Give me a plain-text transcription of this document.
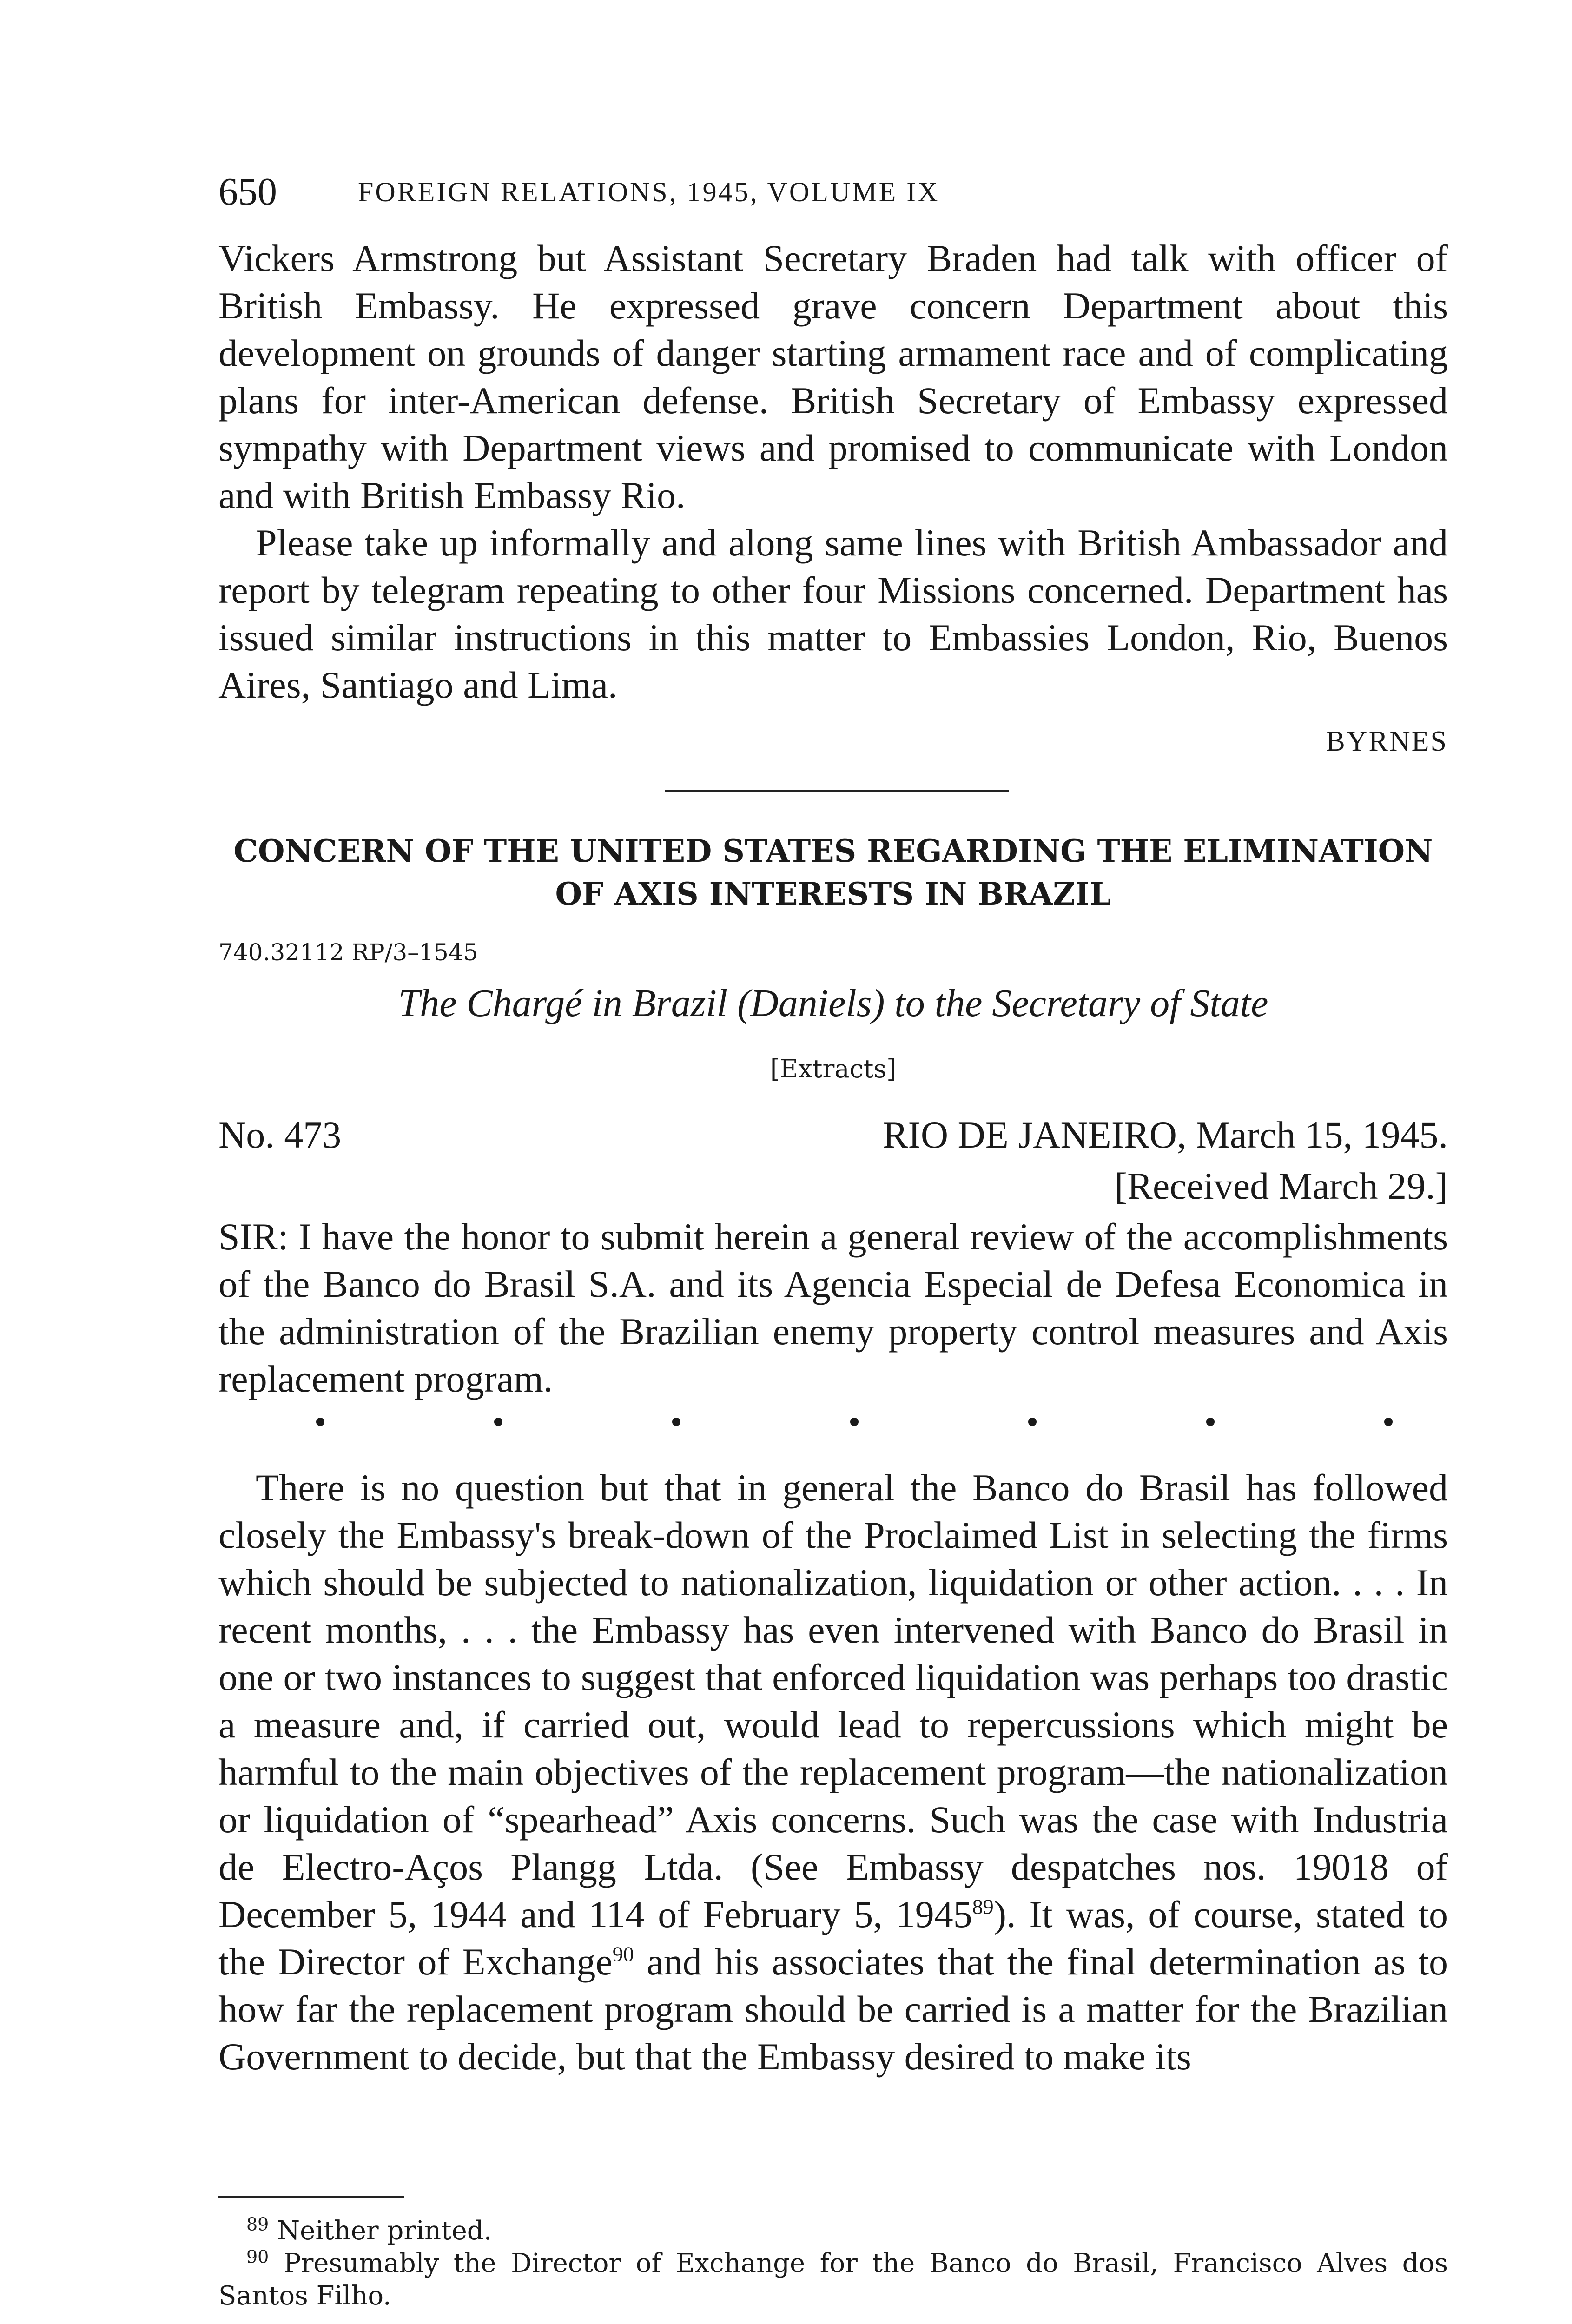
650	FOREIGN RELATIONS, 1945, VOLUME IX

Vickers Armstrong but Assistant Secretary Braden had talk with officer of British Embassy. He expressed grave concern Department about this development on grounds of danger starting armament race and of complicating plans for inter-American defense. British Secretary of Embassy expressed sympathy with Department views and promised to communicate with London and with British Embassy Rio.

Please take up informally and along same lines with British Ambassador and report by telegram repeating to other four Missions concerned. Department has issued similar instructions in this matter to Embassies London, Rio, Buenos Aires, Santiago and Lima.

BYRNES
CONCERN OF THE UNITED STATES REGARDING THE ELIMINATION
OF AXIS INTERESTS IN BRAZIL
740.32112 RP/3–1545
The Chargé in Brazil (Daniels) to the Secretary of State
[Extracts]
No. 473	RIO DE JANEIRO, March 15, 1945.
[Received March 29.]

SIR: I have the honor to submit herein a general review of the accomplishments of the Banco do Brasil S.A. and its Agencia Especial de Defesa Economica in the administration of the Brazilian enemy property control measures and Axis replacement program.

There is no question but that in general the Banco do Brasil has followed closely the Embassy's break-down of the Proclaimed List in selecting the firms which should be subjected to nationalization, liquidation or other action. . . . In recent months, . . . the Embassy has even intervened with Banco do Brasil in one or two instances to suggest that enforced liquidation was perhaps too drastic a measure and, if carried out, would lead to repercussions which might be harmful to the main objectives of the replacement program—the nationalization or liquidation of “spearhead” Axis concerns. Such was the case with Industria de Electro-Aços Plangg Ltda. (See Embassy despatches nos. 19018 of December 5, 1944 and 114 of February 5, 1945$^{89}$). It was, of course, stated to the Director of Exchange$^{90}$ and his associates that the final determination as to how far the replacement program should be carried is a matter for the Brazilian Government to decide, but that the Embassy desired to make its

$^{89}$ Neither printed.

$^{90}$ Presumably the Director of Exchange for the Banco do Brasil, Francisco Alves dos Santos Filho.
